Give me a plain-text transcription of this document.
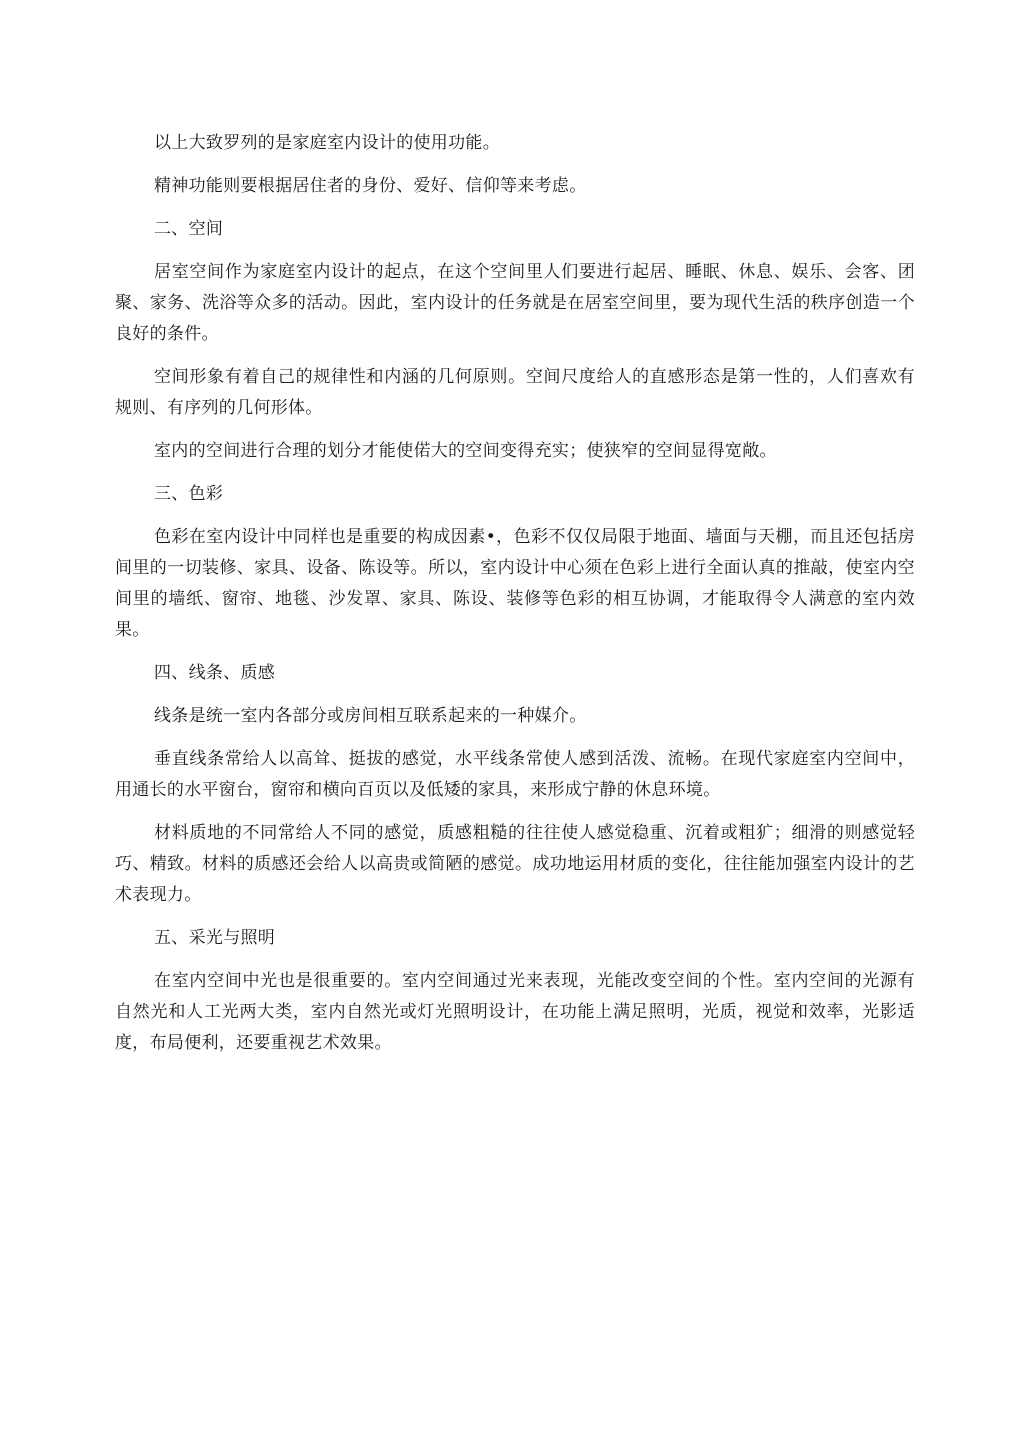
以上大致罗列的是家庭室内设计的使用功能。

精神功能则要根据居住者的身份、爱好、信仰等来考虑。

二、空间

居室空间作为家庭室内设计的起点，在这个空间里人们要进行起居、睡眠、休息、娱乐、会客、团聚、家务、洗浴等众多的活动。因此，室内设计的任务就是在居室空间里，要为现代生活的秩序创造一个良好的条件。

空间形象有着自己的规律性和内涵的几何原则。空间尺度给人的直感形态是第一性的，人们喜欢有规则、有序列的几何形体。

室内的空间进行合理的划分才能使偌大的空间变得充实；使狭窄的空间显得宽敞。

三、色彩

色彩在室内设计中同样也是重要的构成因素•，色彩不仅仅局限于地面、墙面与天棚，而且还包括房间里的一切装修、家具、设备、陈设等。所以，室内设计中心须在色彩上进行全面认真的推敲，使室内空间里的墙纸、窗帘、地毯、沙发罩、家具、陈设、装修等色彩的相互协调，才能取得令人满意的室内效果。

四、线条、质感

线条是统一室内各部分或房间相互联系起来的一种媒介。

垂直线条常给人以高耸、挺拔的感觉，水平线条常使人感到活泼、流畅。在现代家庭室内空间中，用通长的水平窗台，窗帘和横向百页以及低矮的家具，来形成宁静的休息环境。

材料质地的不同常给人不同的感觉，质感粗糙的往往使人感觉稳重、沉着或粗犷；细滑的则感觉轻巧、精致。材料的质感还会给人以高贵或简陋的感觉。成功地运用材质的变化，往往能加强室内设计的艺术表现力。

五、采光与照明

在室内空间中光也是很重要的。室内空间通过光来表现，光能改变空间的个性。室内空间的光源有自然光和人工光两大类，室内自然光或灯光照明设计，在功能上满足照明，光质，视觉和效率，光影适度，布局便利，还要重视艺术效果。
